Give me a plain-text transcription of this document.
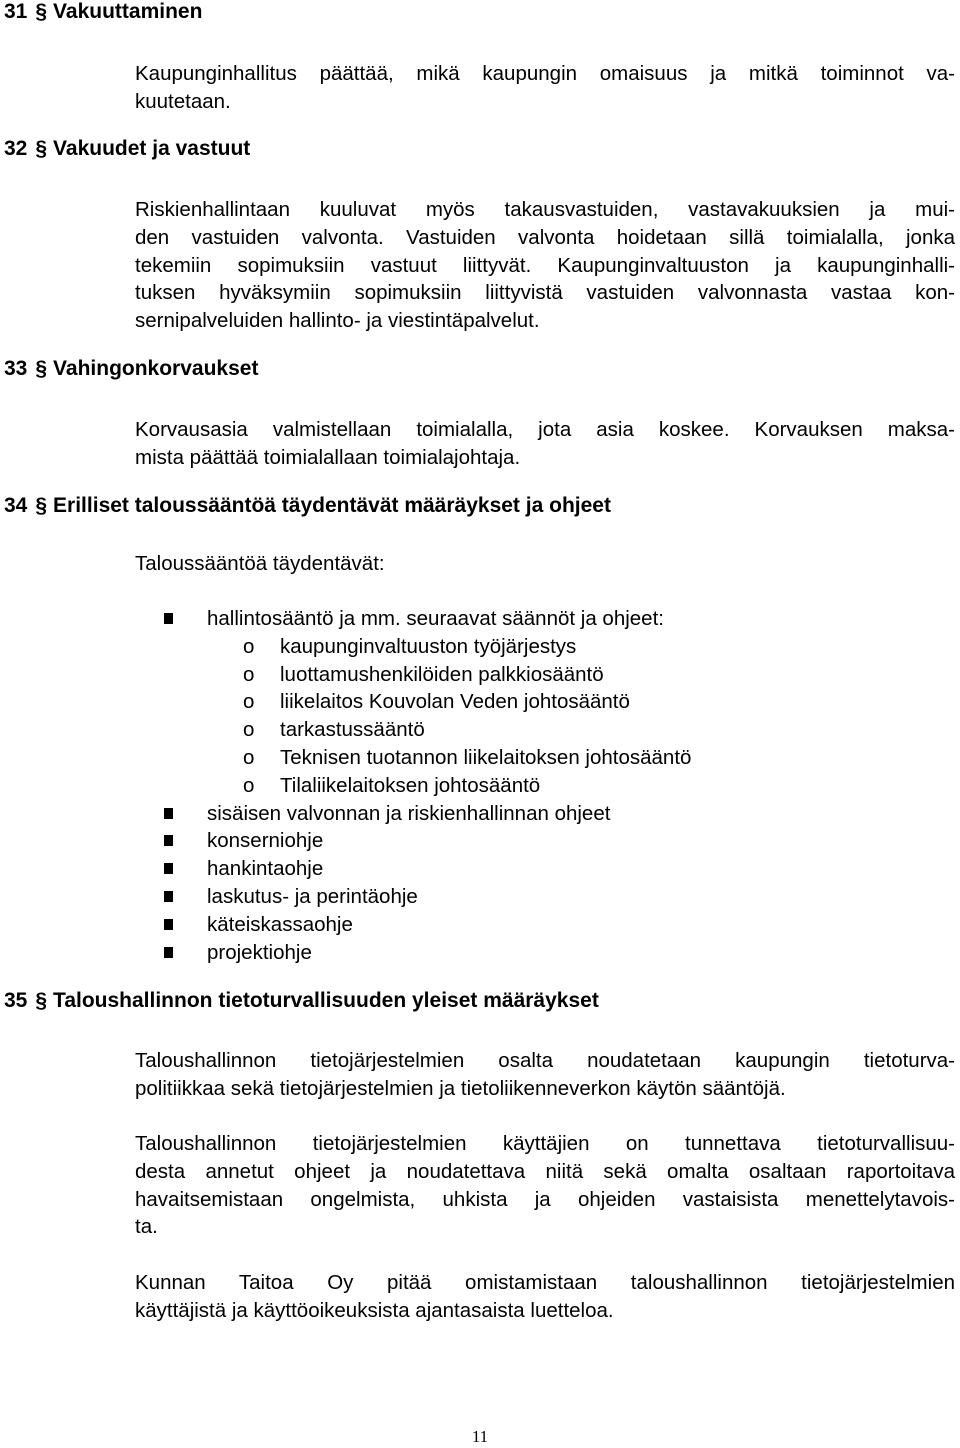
31 § Vakuuttaminen
Kaupunginhallitus päättää, mikä kaupungin omaisuus ja mitkä toiminnot va-
kuutetaan.
32 § Vakuudet ja vastuut
Riskienhallintaan kuuluvat myös takausvastuiden, vastavakuuksien ja mui-
den vastuiden valvonta. Vastuiden valvonta hoidetaan sillä toimialalla, jonka
tekemiin sopimuksiin vastuut liittyvät. Kaupunginvaltuuston ja kaupunginhalli-
tuksen hyväksymiin sopimuksiin liittyvistä vastuiden valvonnasta vastaa kon-
sernipalveluiden hallinto- ja viestintäpalvelut.
33 § Vahingonkorvaukset
Korvausasia valmistellaan toimialalla, jota asia koskee. Korvauksen maksa-
mista päättää toimialallaan toimialajohtaja.
34 § Erilliset taloussääntöä täydentävät määräykset ja ohjeet

Taloussääntöä täydentävät:

hallintosääntö ja mm. seuraavat säännöt ja ohjeet:
o kaupunginvaltuuston työjärjestys
o luottamushenkilöiden palkkiosääntö
o liikelaitos Kouvolan Veden johtosääntö
o tarkastussääntö
o Teknisen tuotannon liikelaitoksen johtosääntö
o Tilaliikelaitoksen johtosääntö
sisäisen valvonnan ja riskienhallinnan ohjeet
konserniohje
hankintaohje
laskutus- ja perintäohje
käteiskassaohje
projektiohje
35 § Taloushallinnon tietoturvallisuuden yleiset määräykset
Taloushallinnon tietojärjestelmien osalta noudatetaan kaupungin tietoturva-
politiikkaa sekä tietojärjestelmien ja tietoliikenneverkon käytön sääntöjä.
Taloushallinnon tietojärjestelmien käyttäjien on tunnettava tietoturvallisuu-
desta annetut ohjeet ja noudatettava niitä sekä omalta osaltaan raportoitava
havaitsemistaan ongelmista, uhkista ja ohjeiden vastaisista menettelytavois-
ta.
Kunnan Taitoa Oy pitää omistamistaan taloushallinnon tietojärjestelmien
käyttäjistä ja käyttöoikeuksista ajantasaista luetteloa.
11
